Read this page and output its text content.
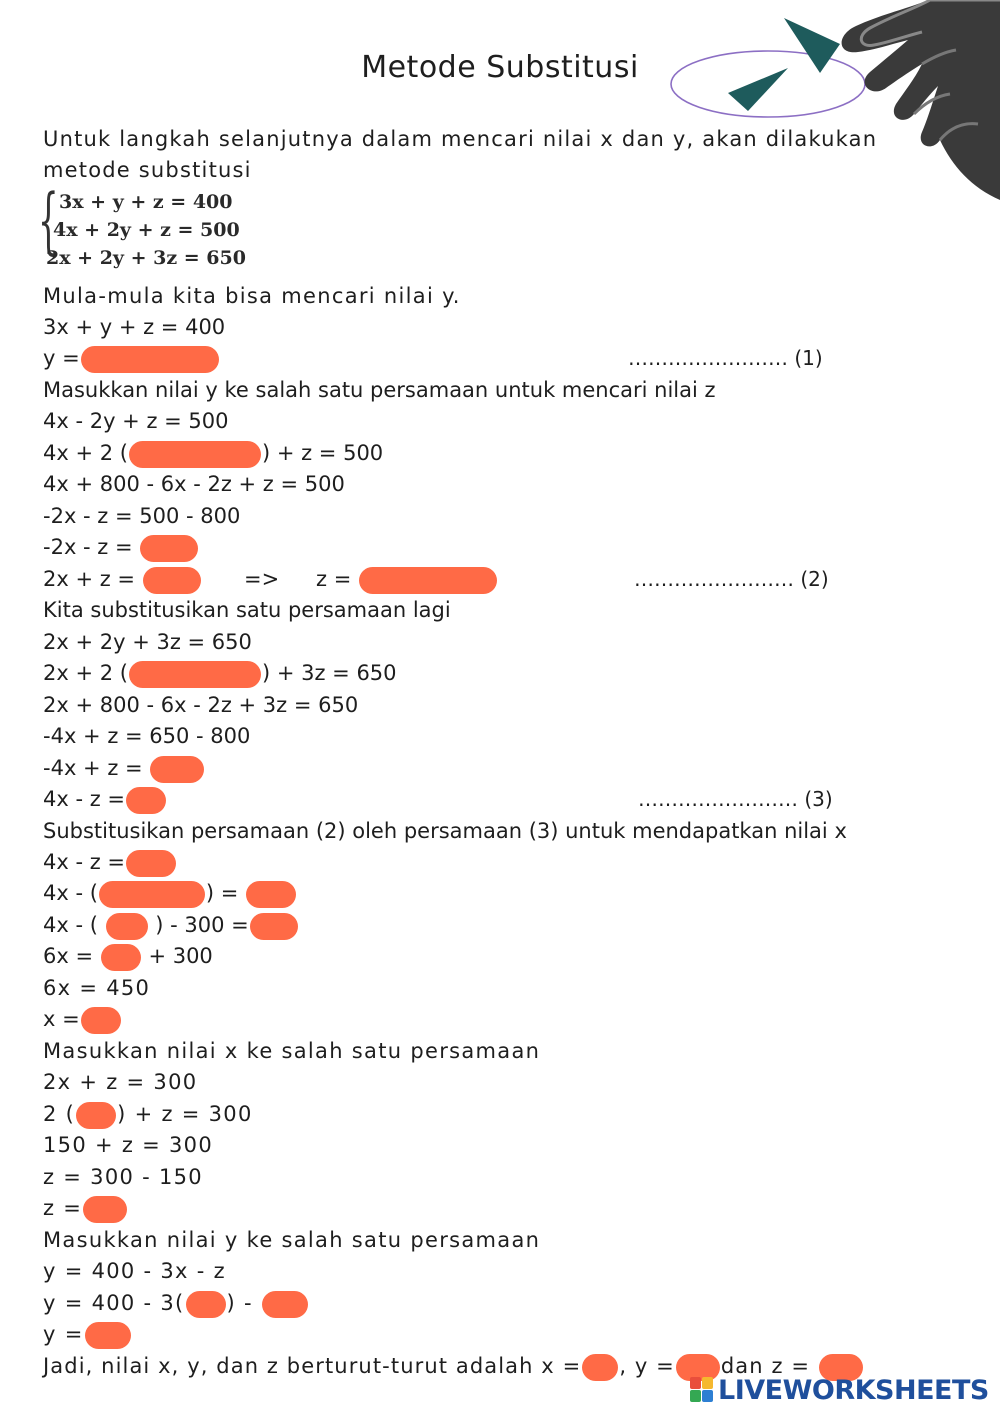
Metode Substitusi
Untuk langkah selanjutnya dalam mencari nilai x dan y, akan dilakukan metode substitusi
{ 3x + y + z = 400
4x + 2y + z = 500
2x + 2y + 3z = 650
Mula-mula kita bisa mencari nilai y.
3x + y + z = 400
y =	…………………… (1)
Masukkan nilai y ke salah satu persamaan untuk mencari nilai z
4x - 2y + z = 500
4x + 2 (	) + z = 500
4x + 800 - 6x - 2z + z = 500
-2x - z = 500 - 800
-2x - z =
2x + z =	=> z =	…………………… (2)
Kita substitusikan satu persamaan lagi
2x + 2y + 3z = 650
2x + 2 (	) + 3z = 650
2x + 800 - 6x - 2z + 3z = 650
-4x + z = 650 - 800
-4x + z =
4x - z =	…………………… (3)
Substitusikan persamaan (2) oleh persamaan (3) untuk mendapatkan nilai x
4x - z =
4x - (	) =
4x - (	) - 300 =
6x =	+ 300
6x = 450
x =
Masukkan nilai x ke salah satu persamaan
2x + z = 300
2 ( ) + z = 300
150 + z = 300
z = 300 - 150
z =
Masukkan nilai y ke salah satu persamaan
y = 400 - 3x - z
y = 400 - 3( ) -
y =
Jadi, nilai x, y, dan z berturut-turut adalah x = , y = dan z =
LIVEWORKSHEETS
